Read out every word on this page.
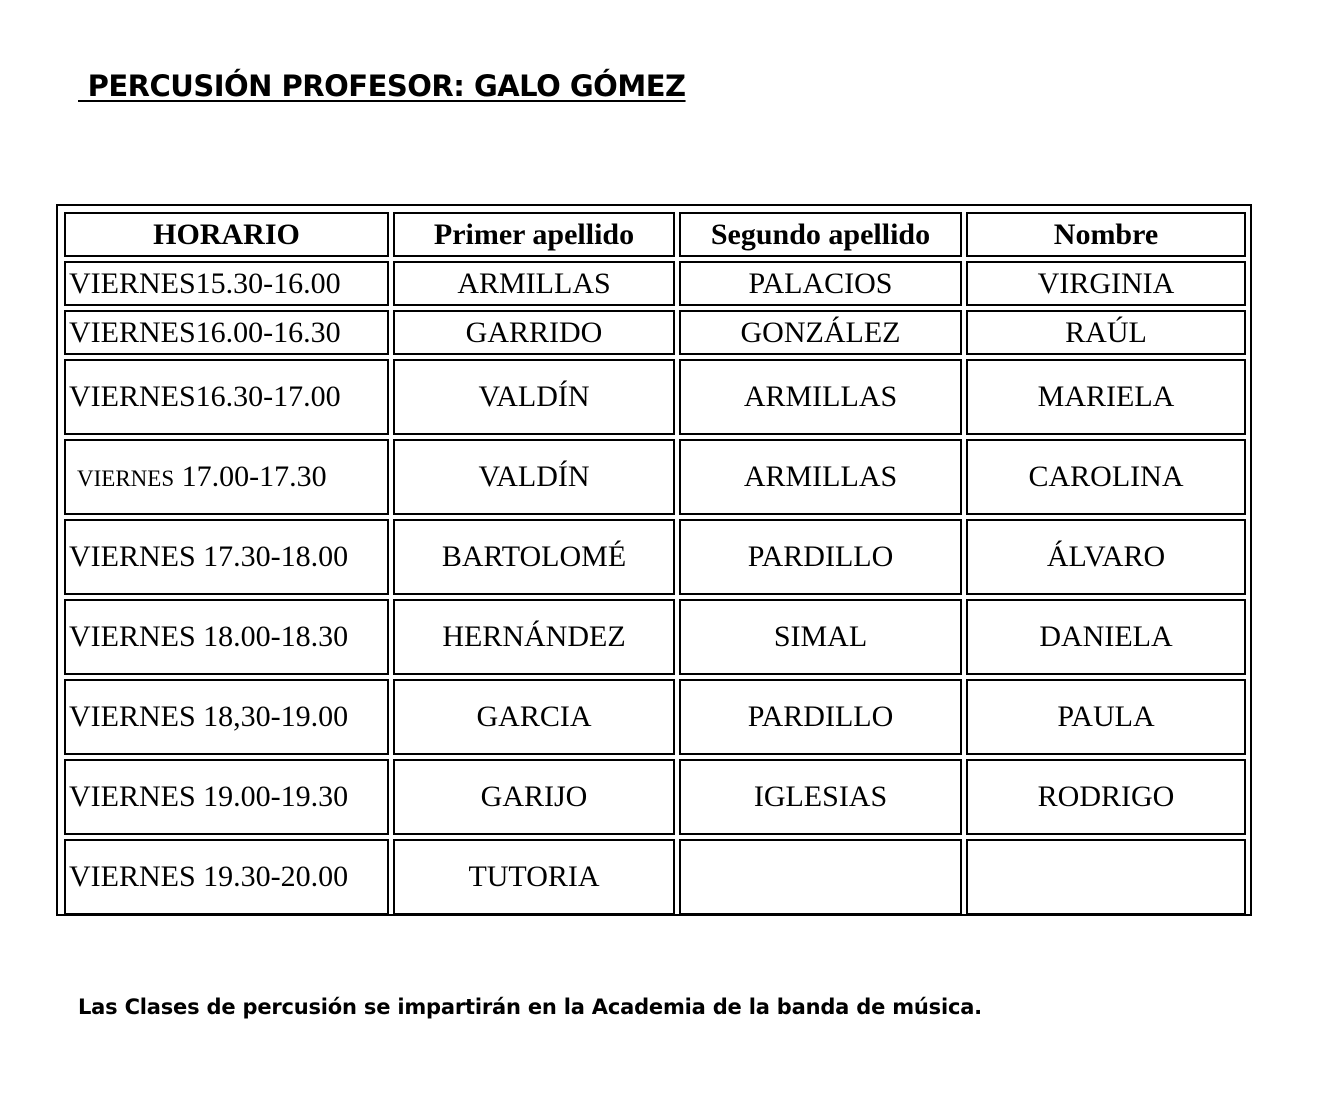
PERCUSIÓN PROFESOR: GALO GÓMEZ
HORARIO	Primer apellido	Segundo apellido	Nombre
VIERNES15.30-16.00	ARMILLAS	PALACIOS	VIRGINIA
VIERNES16.00-16.30	GARRIDO	GONZÁLEZ	RAÚL
VIERNES16.30-17.00	VALDÍN	ARMILLAS	MARIELA
VIERNES 17.00-17.30	VALDÍN	ARMILLAS	CAROLINA
VIERNES 17.30-18.00	BARTOLOMÉ	PARDILLO	ÁLVARO
VIERNES 18.00-18.30	HERNÁNDEZ	SIMAL	DANIELA
VIERNES 18,30-19.00	GARCIA	PARDILLO	PAULA
VIERNES 19.00-19.30	GARIJO	IGLESIAS	RODRIGO
VIERNES 19.30-20.00	TUTORIA		

Las Clases de percusión se impartirán en la Academia de la banda de música.
